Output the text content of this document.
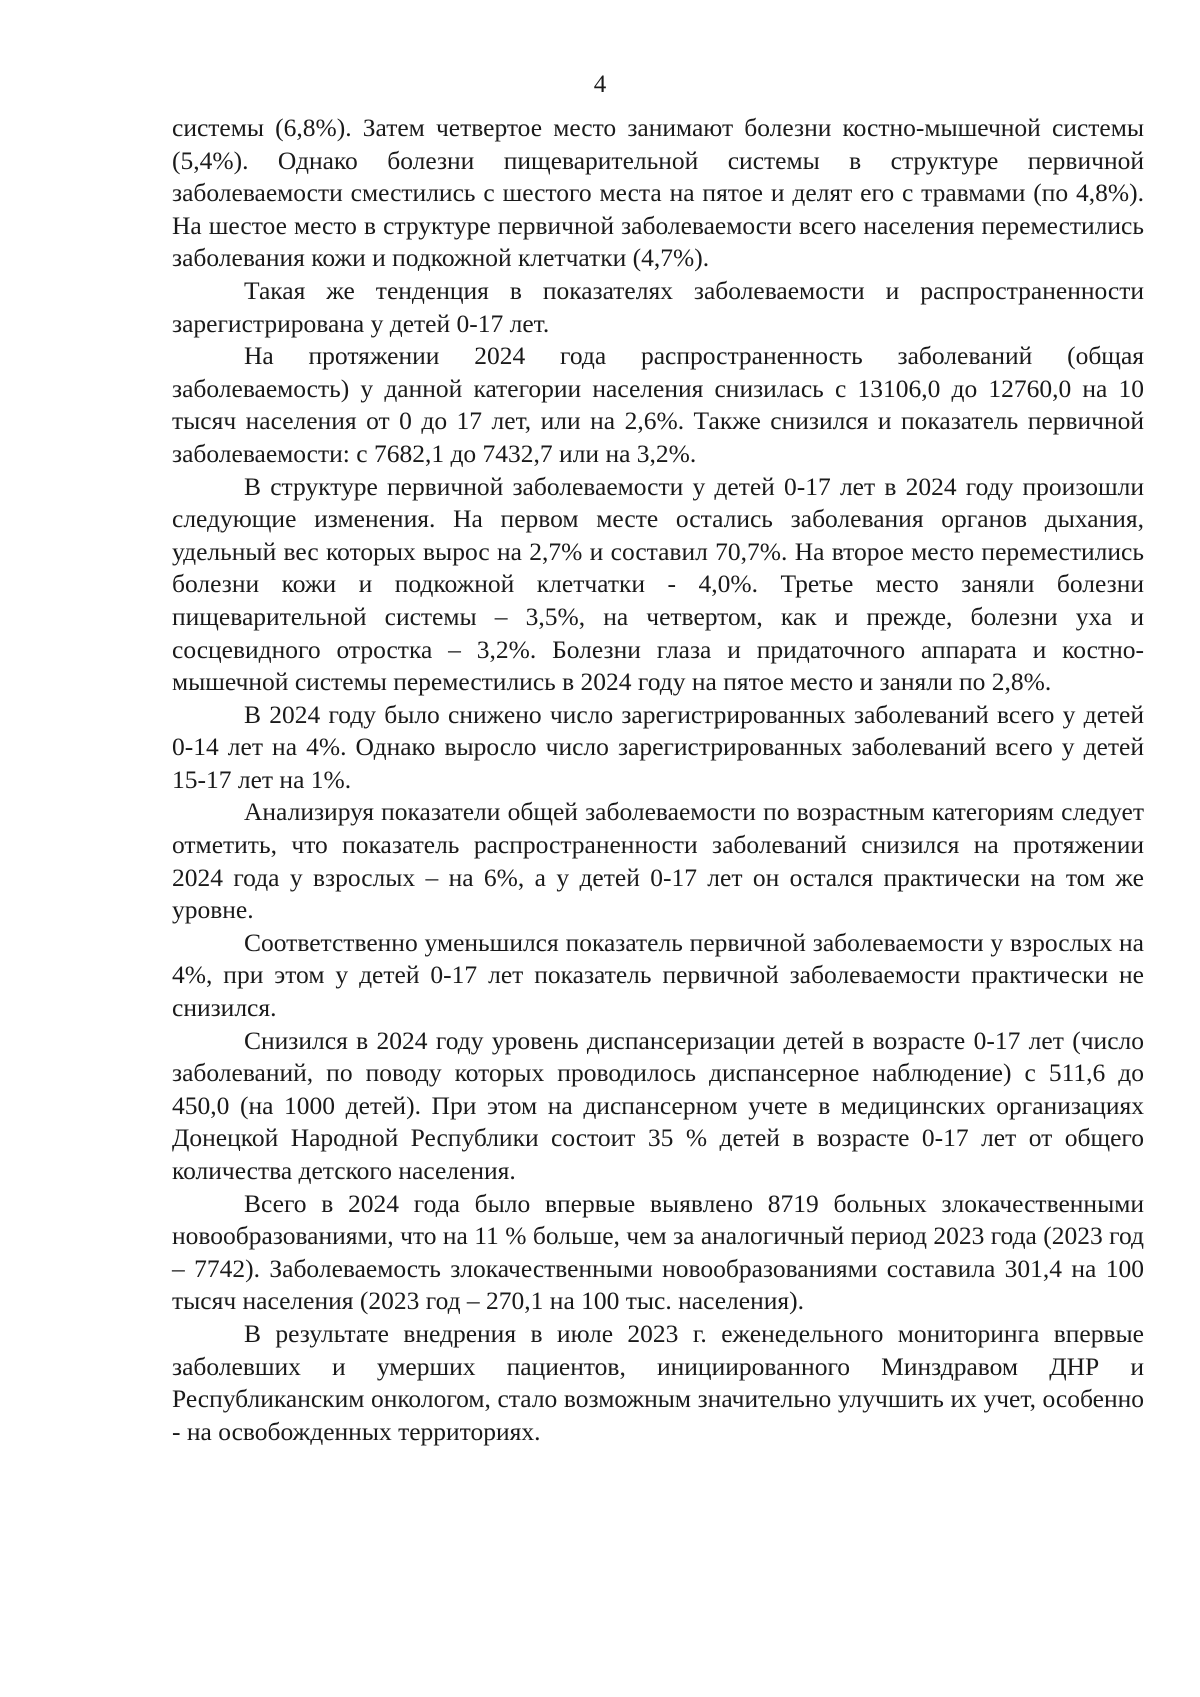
4

системы (6,8%). Затем четвертое место занимают болезни костно-мышечной системы (5,4%). Однако болезни пищеварительной системы в структуре первичной заболеваемости сместились с шестого места на пятое и делят его с травмами (по 4,8%). На шестое место в структуре первичной заболеваемости всего населения переместились заболевания кожи и подкожной клетчатки (4,7%).

Такая же тенденция в показателях заболеваемости и распространенности зарегистрирована у детей 0-17 лет.

На протяжении 2024 года распространенность заболеваний (общая заболеваемость) у данной категории населения снизилась с 13106,0 до 12760,0 на 10 тысяч населения от 0 до 17 лет, или на 2,6%. Также снизился и показатель первичной заболеваемости: с 7682,1 до 7432,7 или на 3,2%.

В структуре первичной заболеваемости у детей 0-17 лет в 2024 году произошли следующие изменения. На первом месте остались заболевания органов дыхания, удельный вес которых вырос на 2,7% и составил 70,7%. На второе место переместились болезни кожи и подкожной клетчатки - 4,0%. Третье место заняли болезни пищеварительной системы – 3,5%, на четвертом, как и прежде, болезни уха и сосцевидного отростка – 3,2%. Болезни глаза и придаточного аппарата и костно-мышечной системы переместились в 2024 году на пятое место и заняли по 2,8%.

В 2024 году было снижено число зарегистрированных заболеваний всего у детей 0-14 лет на 4%. Однако выросло число зарегистрированных заболеваний всего у детей 15-17 лет на 1%.

Анализируя показатели общей заболеваемости по возрастным категориям следует отметить, что показатель распространенности заболеваний снизился на протяжении 2024 года у взрослых – на 6%, а у детей 0-17 лет он остался практически на том же уровне.

Соответственно уменьшился показатель первичной заболеваемости у взрослых на 4%, при этом у детей 0-17 лет показатель первичной заболеваемости практически не снизился.

Снизился в 2024 году уровень диспансеризации детей в возрасте 0-17 лет (число заболеваний, по поводу которых проводилось диспансерное наблюдение) с 511,6 до 450,0 (на 1000 детей). При этом на диспансерном учете в медицинских организациях Донецкой Народной Республики состоит 35 % детей в возрасте 0-17 лет от общего количества детского населения.

Всего в 2024 года было впервые выявлено 8719 больных злокачественными новообразованиями, что на 11 % больше, чем за аналогичный период 2023 года (2023 год – 7742). Заболеваемость злокачественными новообразованиями составила 301,4 на 100 тысяч населения (2023 год – 270,1 на 100 тыс. населения).

В результате внедрения в июле 2023 г. еженедельного мониторинга впервые заболевших и умерших пациентов, инициированного Минздравом ДНР и Республиканским онкологом, стало возможным значительно улучшить их учет, особенно - на освобожденных территориях.
